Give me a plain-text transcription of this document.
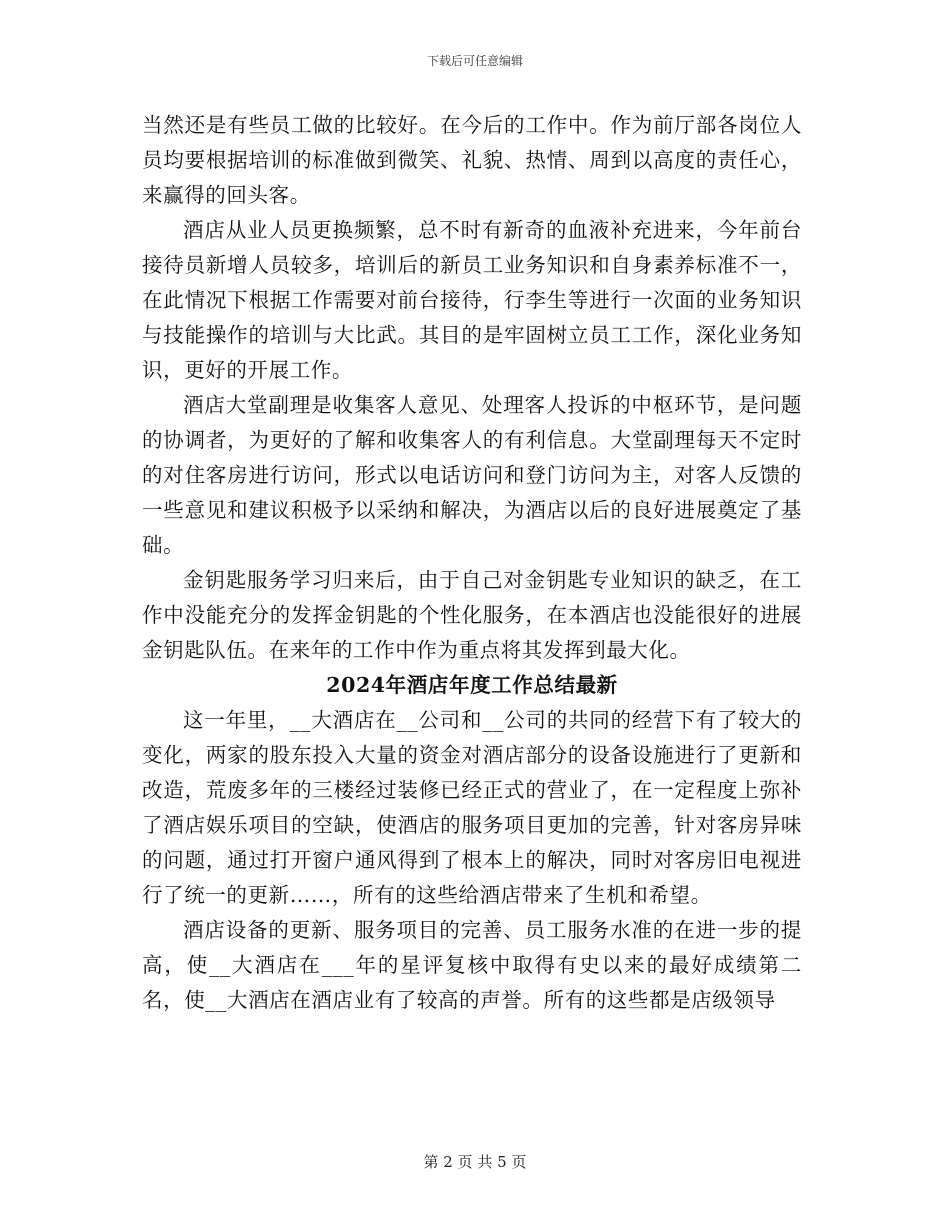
下载后可任意编辑

当然还是有些员工做的比较好。在今后的工作中。作为前厅部各岗位人员均要根据培训的标准做到微笑、礼貌、热情、周到以高度的责任心，来赢得的回头客。

酒店从业人员更换频繁，总不时有新奇的血液补充进来，今年前台接待员新增人员较多，培训后的新员工业务知识和自身素养标准不一，在此情况下根据工作需要对前台接待，行李生等进行一次面的业务知识与技能操作的培训与大比武。其目的是牢固树立员工工作，深化业务知识，更好的开展工作。

酒店大堂副理是收集客人意见、处理客人投诉的中枢环节，是问题的协调者，为更好的了解和收集客人的有利信息。大堂副理每天不定时的对住客房进行访问，形式以电话访问和登门访问为主，对客人反馈的一些意见和建议积极予以采纳和解决，为酒店以后的良好进展奠定了基础。

金钥匙服务学习归来后，由于自己对金钥匙专业知识的缺乏，在工作中没能充分的发挥金钥匙的个性化服务，在本酒店也没能很好的进展金钥匙队伍。在来年的工作中作为重点将其发挥到最大化。

2024年酒店年度工作总结最新

这一年里，__大酒店在__公司和__公司的共同的经营下有了较大的变化，两家的股东投入大量的资金对酒店部分的设备设施进行了更新和改造，荒废多年的三楼经过装修已经正式的营业了，在一定程度上弥补了酒店娱乐项目的空缺，使酒店的服务项目更加的完善，针对客房异味的问题，通过打开窗户通风得到了根本上的解决，同时对客房旧电视进行了统一的更新……，所有的这些给酒店带来了生机和希望。

酒店设备的更新、服务项目的完善、员工服务水准的在进一步的提高，使__大酒店在___年的星评复核中取得有史以来的最好成绩第二名，使__大酒店在酒店业有了较高的声誉。所有的这些都是店级领导

第 2 页 共 5 页
